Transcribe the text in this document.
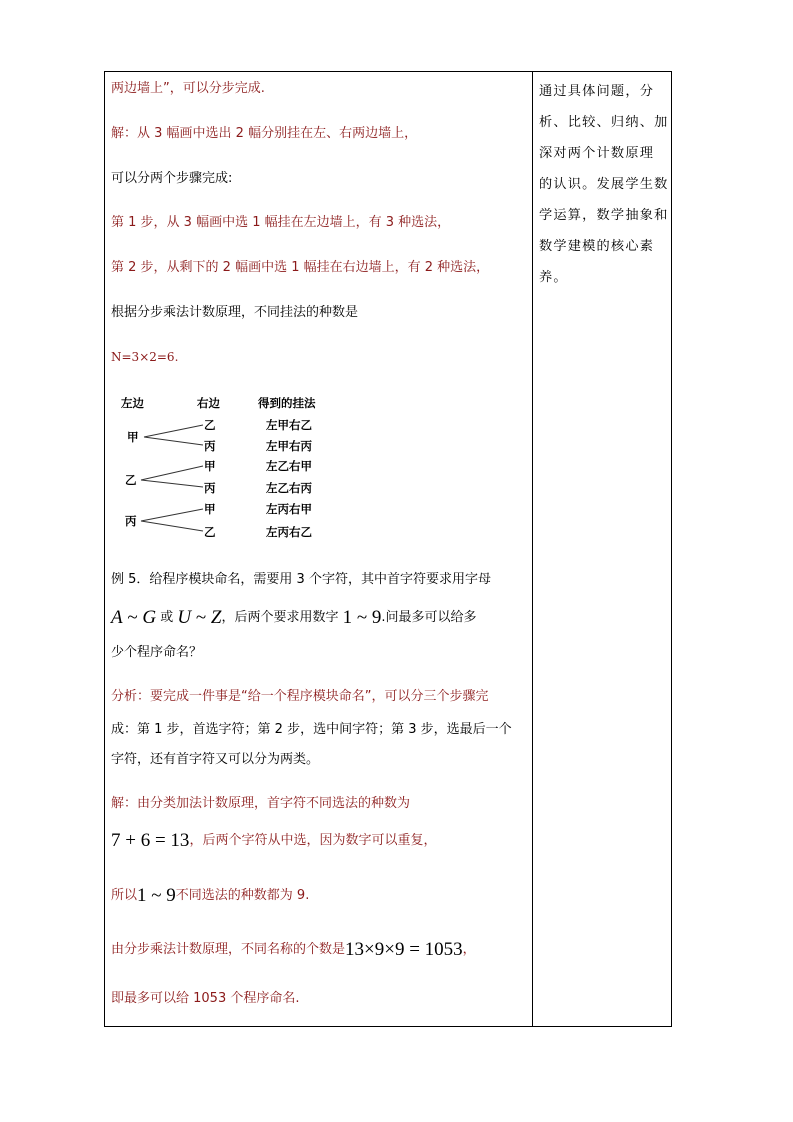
两边墙上”，可以分步完成.
解：从 3 幅画中选出 2 幅分别挂在左、右两边墙上，
可以分两个步骤完成:
第 1 步，从 3 幅画中选 1 幅挂在左边墙上，有 3 种选法，
第 2 步，从剩下的 2 幅画中选 1 幅挂在右边墙上，有 2 种选法，
根据分步乘法计数原理，不同挂法的种数是
N=3×2=6.
例 5．给程序模块命名，需要用 3 个字符，其中首字符要求用字母
A ~ G 或 U ~ Z，后两个要求用数字 1 ~ 9.问最多可以给多
少个程序命名？
分析：要完成一件事是“给一个程序模块命名”，可以分三个步骤完
成：第 1 步，首选字符；第 2 步，选中间字符；第 3 步，选最后一个
字符，还有首字符又可以分为两类。
解：由分类加法计数原理，首字符不同选法的种数为
7 + 6 = 13，后两个字符从中选，因为数字可以重复，
所以1 ~ 9不同选法的种数都为 9.
由分步乘法计数原理，不同名称的个数是13×9×9 = 1053，
即最多可以给 1053 个程序命名.
左边	右边	得到的挂法
甲
乙
丙
乙
丙
甲
丙
甲
乙
左甲右乙
左甲右丙
左乙右甲
左乙右丙
左丙右甲
左丙右乙
通过具体问题，分
析、比较、归纳、加
深对两个计数原理
的认识。发展学生数
学运算，数学抽象和
数学建模的核心素
养。
